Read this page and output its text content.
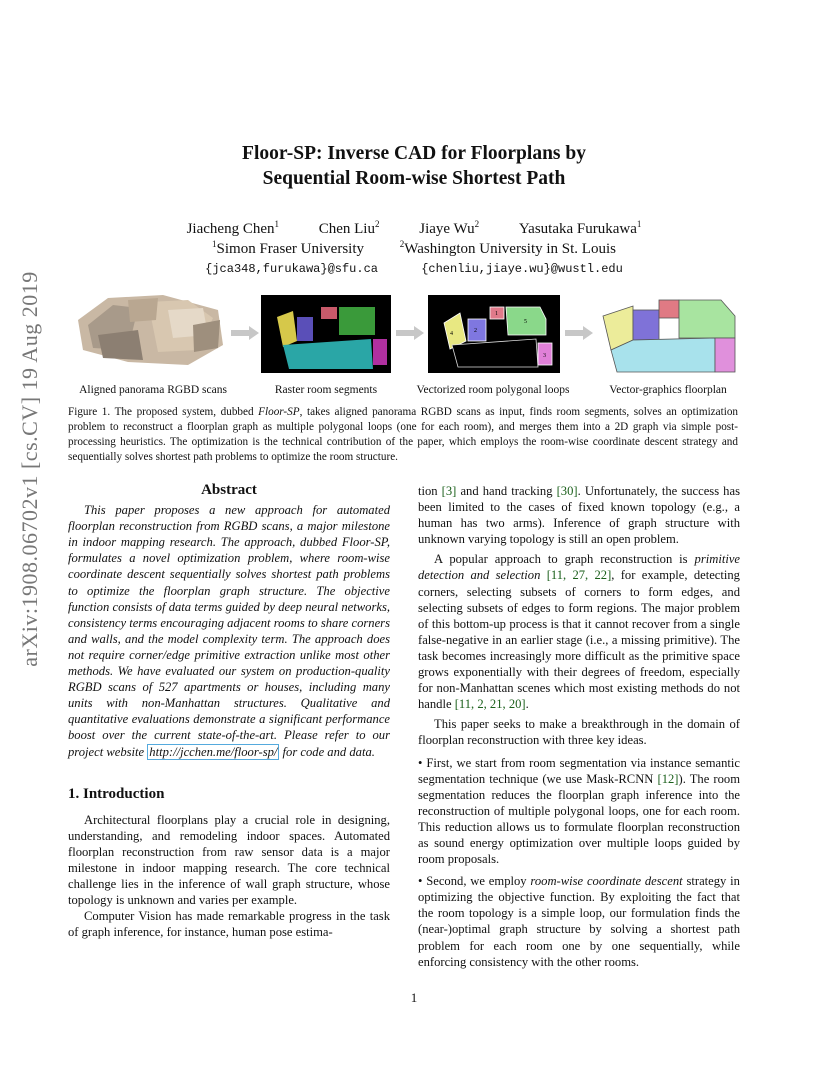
arXiv:1908.06702v1 [cs.CV] 19 Aug 2019
Floor-SP: Inverse CAD for Floorplans by
Sequential Room-wise Shortest Path
Jiacheng Chen$^1$	Chen Liu$^2$	Jiaye Wu$^2$	Yasutaka Furukawa$^1$
$^1$Simon Fraser University	$^2$Washington University in St. Louis
{jca348,furukawa}@sfu.ca	{chenliu,jiaye.wu}@wustl.edu
4	2
1
5
3
Aligned panorama RGBD scans	Raster room segments	Vectorized room polygonal loops	Vector-graphics floorplan
Figure 1. The proposed system, dubbed Floor-SP, takes aligned panorama RGBD scans as input, finds room segments, solves an optimization problem to reconstruct a floorplan graph as multiple polygonal loops (one for each room), and merges them into a 2D graph via simple post-processing heuristics. The optimization is the technical contribution of the paper, which employs the room-wise coordinate descent strategy and sequentially solves shortest path problems to optimize the room structure.
Abstract

This paper proposes a new approach for automated floorplan reconstruction from RGBD scans, a major milestone in indoor mapping research. The approach, dubbed Floor-SP, formulates a novel optimization problem, where room-wise coordinate descent sequentially solves shortest path problems to optimize the floorplan graph structure. The objective function consists of data terms guided by deep neural networks, consistency terms encouraging adjacent rooms to share corners and walls, and the model complexity term. The approach does not require corner/edge primitive extraction unlike most other methods. We have evaluated our system on production-quality RGBD scans of 527 apartments or houses, including many units with non-Manhattan structures. Qualitative and quantitative evaluations demonstrate a significant performance boost over the current state-of-the-art. Please refer to our project website http://jcchen.me/floor-sp/ for code and data.

1. Introduction

Architectural floorplans play a crucial role in designing, understanding, and remodeling indoor spaces. Automated floorplan reconstruction from raw sensor data is a major milestone in indoor mapping research. The core technical challenge lies in the inference of wall graph structure, whose topology is unknown and varies per example.

Computer Vision has made remarkable progress in the task of graph inference, for instance, human pose estima-

tion [3] and hand tracking [30]. Unfortunately, the success has been limited to the cases of fixed known topology (e.g., a human has two arms). Inference of graph structure with unknown varying topology is still an open problem.

A popular approach to graph reconstruction is primitive detection and selection [11, 27, 22], for example, detecting corners, selecting subsets of corners to form edges, and selecting subsets of edges to form regions. The major problem of this bottom-up process is that it cannot recover from a single false-negative in an earlier stage (i.e., a missing primitive). The task becomes increasingly more difficult as the primitive space grows exponentially with their degrees of freedom, especially for non-Manhattan scenes which most existing methods do not handle [11, 2, 21, 20].

This paper seeks to make a breakthrough in the domain of floorplan reconstruction with three key ideas.

• First, we start from room segmentation via instance semantic segmentation technique (we use Mask-RCNN [12]). The room segmentation reduces the floorplan graph inference into the reconstruction of multiple polygonal loops, one for each room. This reduction allows us to formulate floorplan reconstruction as sound energy optimization over multiple loops guided by room proposals.

• Second, we employ room-wise coordinate descent strategy in optimizing the objective function. By exploiting the fact that the room topology is a simple loop, our formulation finds the (near-)optimal graph structure by solving a shortest path problem for each room one by one sequentially, while enforcing consistency with the other rooms.

1
